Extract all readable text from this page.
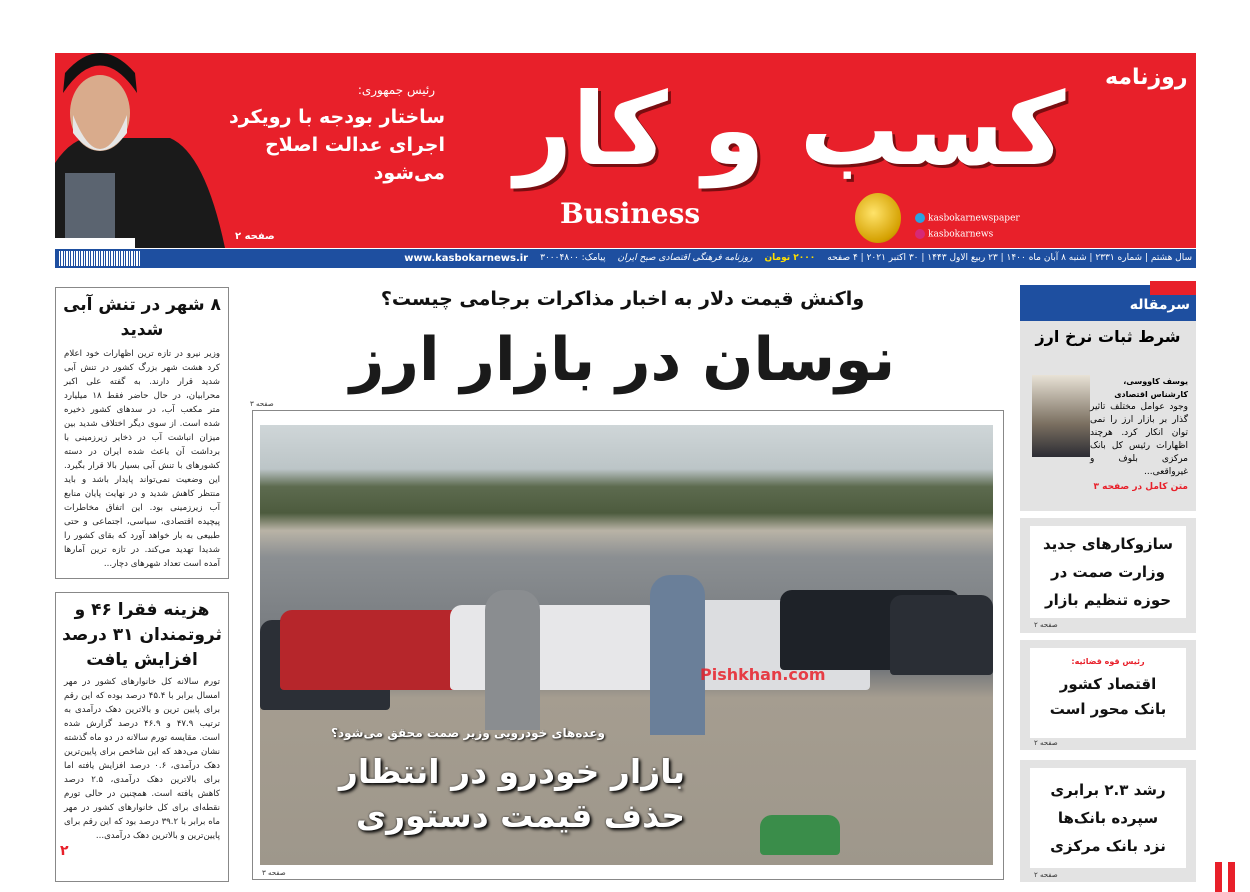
رئیس جمهوری:
ساختار بودجه با رویکرد اجرای عدالت اصلاح می‌شود
صفحه ۲
کسب و کار	روزنامه
Business	kasbokarnewspaper
kasbokarnews
سال هشتم | شماره ۲۳۳۱ | شنبه ۸ آبان ماه ۱۴۰۰ | ۲۳ ربیع الاول ۱۴۴۳ | ۳۰ اکتبر ۲۰۲۱ | ۴ صفحه
۲۰۰۰ تومان
روزنامه فرهنگی اقتصادی صبح ایران
پیامک: ۳۰۰۰۴۸۰۰
www.kasbokarnews.ir
۸ شهر در تنش آبی شدید
وزیر نیرو در تازه ترین اظهارات خود اعلام کرد هشت شهر بزرگ کشور در تنش آبی شدید قرار دارند. به گفته علی اکبر محرابیان، در حال حاضر فقط ۱۸ میلیارد متر مکعب آب، در سدهای کشور ذخیره شده است. از سوی دیگر اختلاف شدید بین میزان انباشت آب در ذخایر زیرزمینی با برداشت آن باعث شده ایران در دسته کشورهای با تنش آبی بسیار بالا قرار بگیرد. این وضعیت نمی‌تواند پایدار باشد و باید منتظر کاهش شدید و در نهایت پایان منابع آب زیرزمینی بود. این اتفاق مخاطرات پیچیده اقتصادی، سیاسی، اجتماعی و حتی طبیعی به بار خواهد آورد که بقای کشور را شدیدا تهدید می‌کند. در تازه ترین آمارها آمده است تعداد شهرهای دچار...
هزینه فقرا ۴۶ و ثروتمندان ۳۱ درصد افزایش یافت
تورم سالانه کل خانوارهای کشور در مهر امسال برابر با ۴۵.۴ درصد بوده که این رقم برای پایین ترین و بالاترین دهک درآمدی به ترتیب ۴۷.۹ و ۴۶.۹ درصد گزارش شده است. مقایسه تورم سالانه در دو ماه گذشته نشان می‌دهد که این شاخص برای پایین‌ترین دهک درآمدی، ۰.۶ درصد افزایش یافته اما برای بالاترین دهک درآمدی، ۲.۵ درصد کاهش یافته است. همچنین در حالی تورم نقطه‌ای برای کل خانوارهای کشور در مهر ماه برابر با ۳۹.۲ درصد بود که این رقم برای پایین‌ترین و بالاترین دهک درآمدی...
۲
واکنش قیمت دلار به اخبار مذاکرات برجامی چیست؟
نوسان در بازار ارز
صفحه ۳
Pishkhan.com
وعده‌های خودرویی وزیر صمت محقق می‌شود؟
بازار خودرو در انتظار حذف قیمت دستوری
صفحه ۳
سرمقاله
شرط ثبات نرخ ارز
یوسف کاووسی، کارشناس اقتصادی
وجود عوامل مختلف تاثیر گذار بر بازار ارز را نمی توان انکار کرد. هرچند اظهارات رئیس کل بانک مرکزی بلوف و غیرواقعی...
متن کامل در صفحه ۳
سازوکارهای جدید وزارت صمت در حوزه تنظیم بازار
صفحه ۲
رئیس قوه قضائیه:
اقتصاد کشور بانک محور است
صفحه ۲
رشد ۲.۳ برابری سپرده بانک‌ها نزد بانک مرکزی
صفحه ۲
